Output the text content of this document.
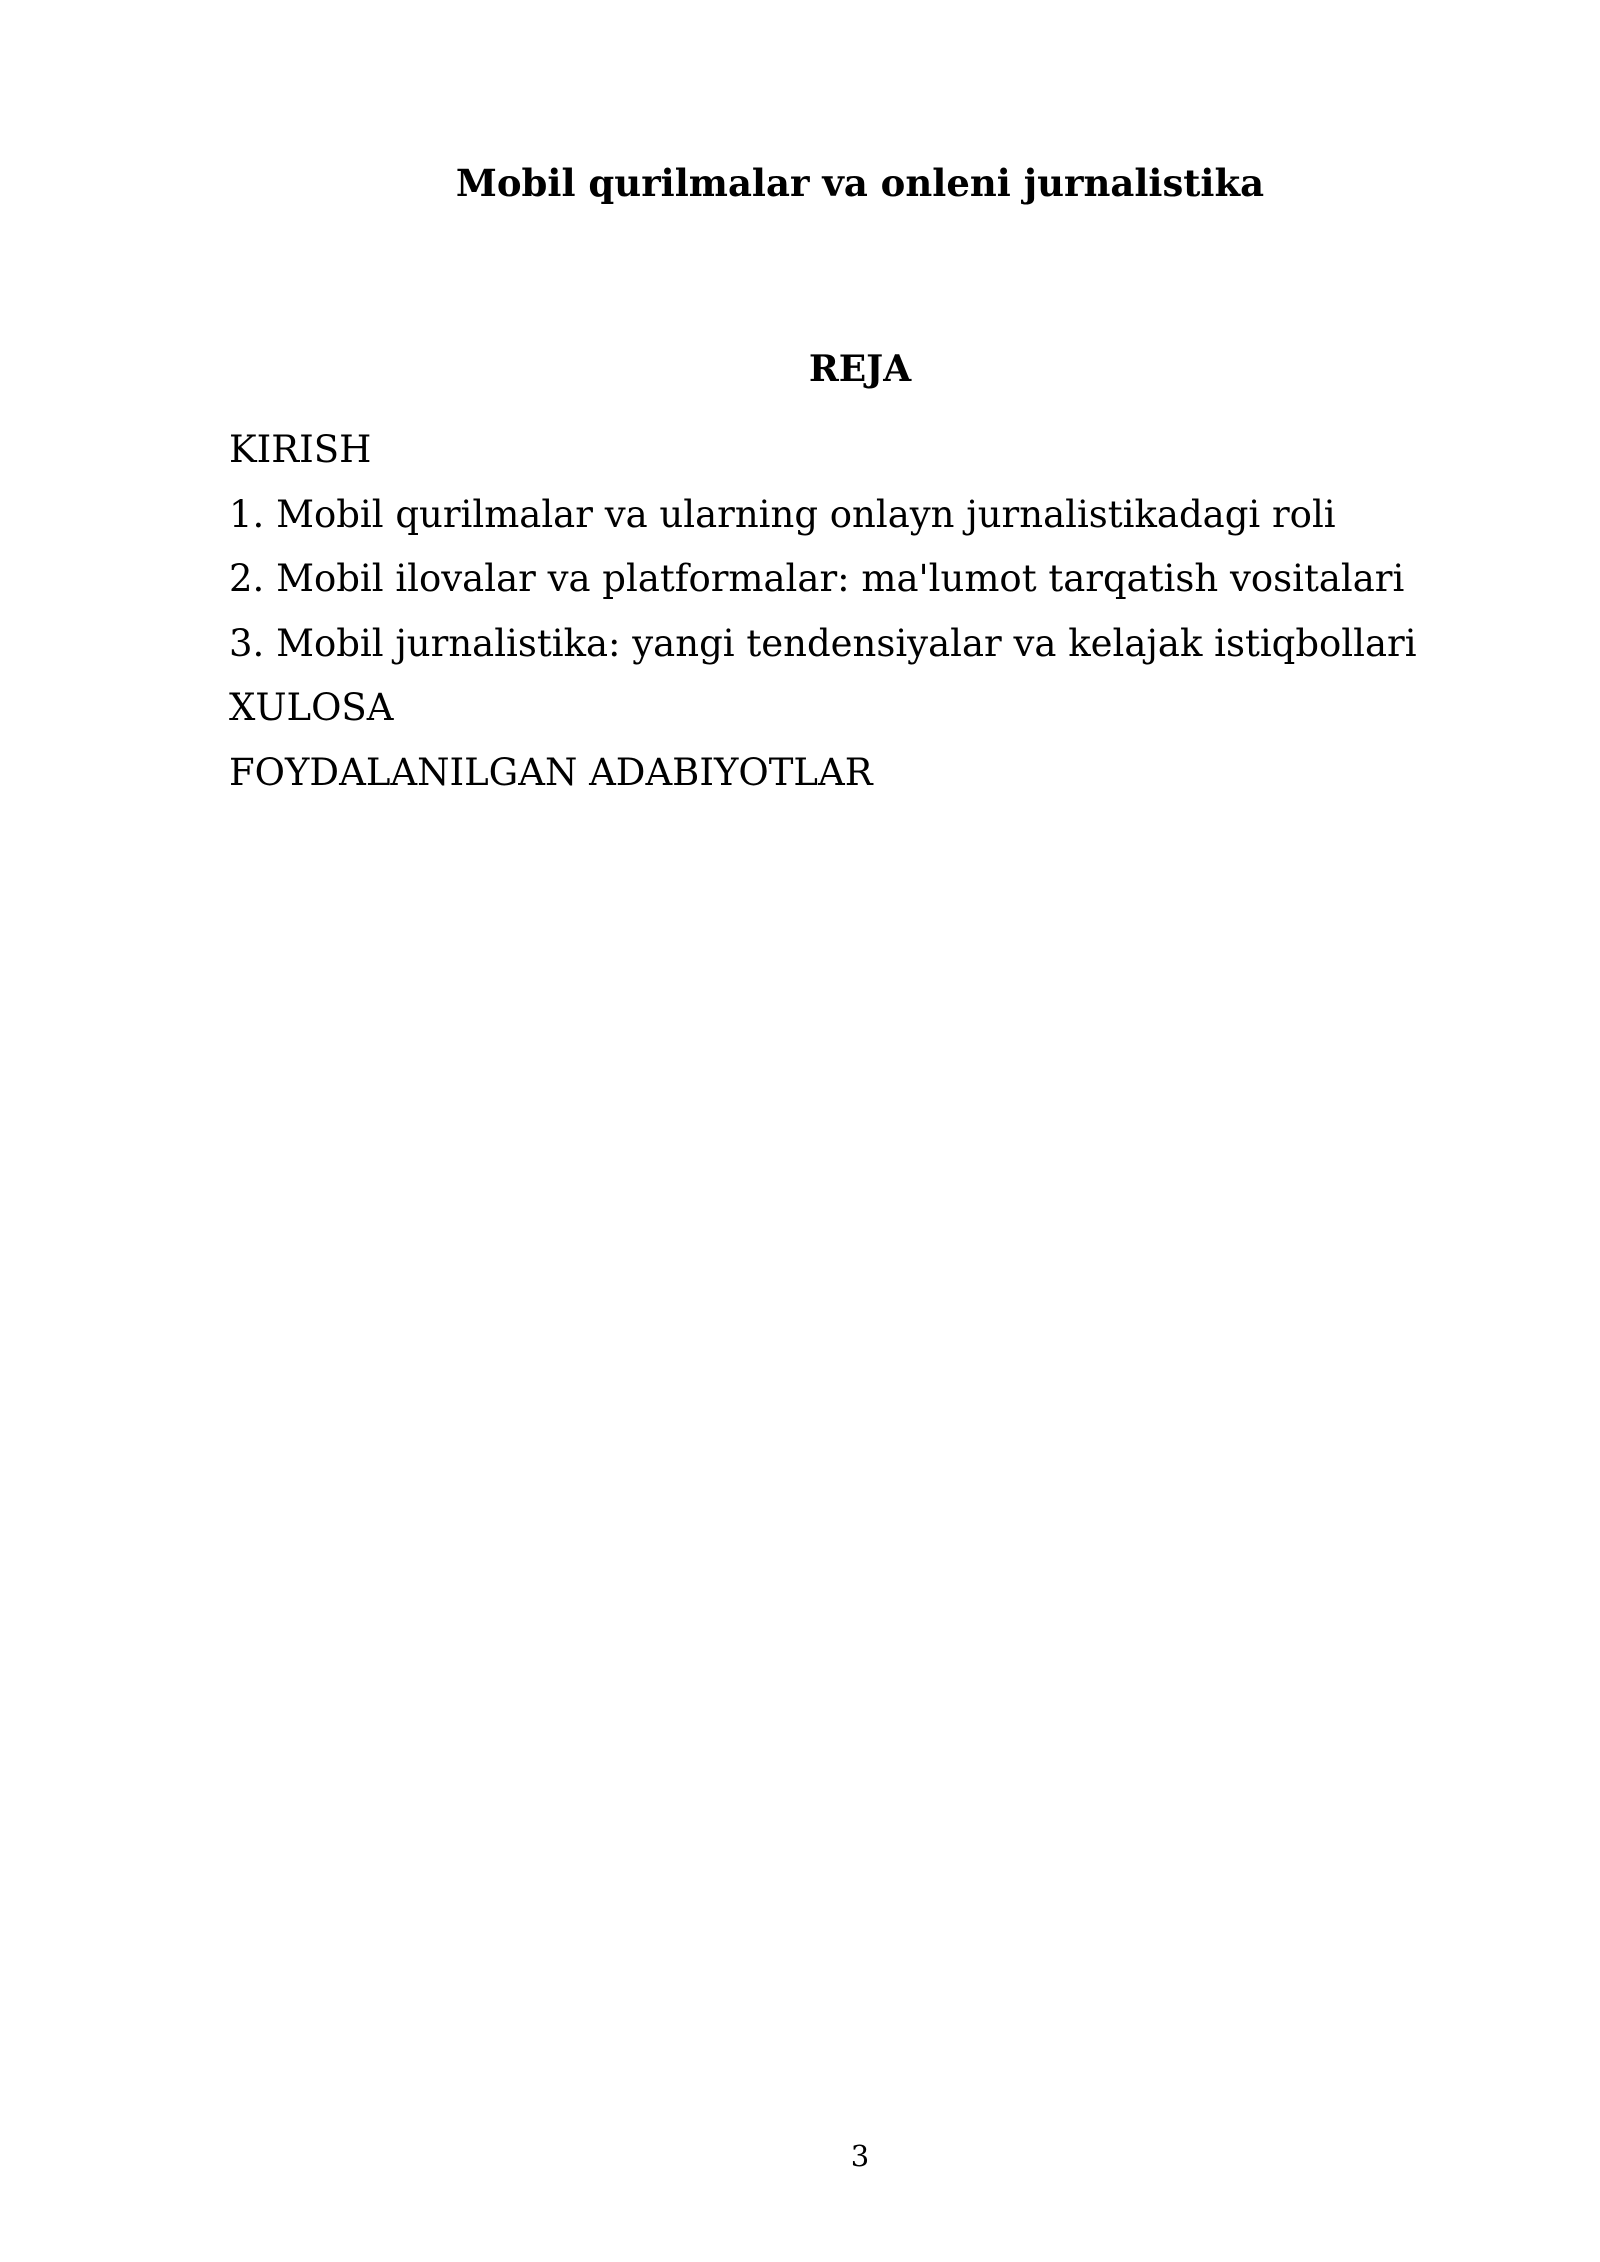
Mobil qurilmalar va onleni jurnalistika
REJA
KIRISH
1. Mobil qurilmalar va ularning onlayn jurnalistikadagi roli
2. Mobil ilovalar va platformalar: ma'lumot tarqatish vositalari
3. Mobil jurnalistika: yangi tendensiyalar va kelajak istiqbollari
XULOSA
FOYDALANILGAN ADABIYOTLAR
3
